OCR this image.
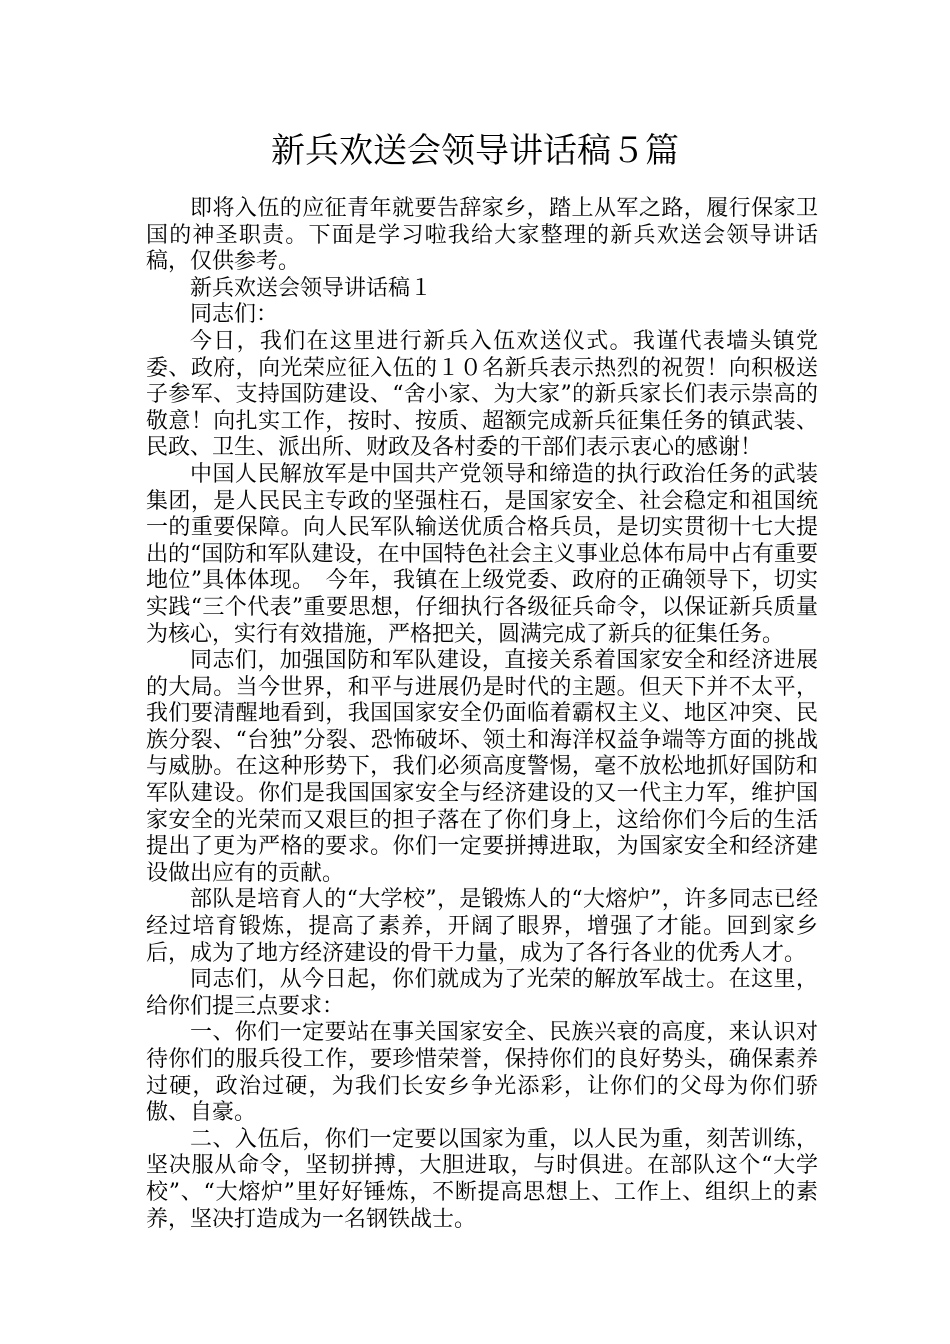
新兵欢送会领导讲话稿５篇

即将入伍的应征青年就要告辞家乡，踏上从军之路，履行保家卫国的神圣职责。下面是学习啦我给大家整理的新兵欢送会领导讲话稿，仅供参考。

新兵欢送会领导讲话稿１

同志们：

今日，我们在这里进行新兵入伍欢送仪式。我谨代表墙头镇党委、政府，向光荣应征入伍的１０名新兵表示热烈的祝贺！向积极送子参军、支持国防建设、“舍小家、为大家”的新兵家长们表示崇高的敬意！向扎实工作，按时、按质、超额完成新兵征集任务的镇武装、民政、卫生、派出所、财政及各村委的干部们表示衷心的感谢！

中国人民解放军是中国共产党领导和缔造的执行政治任务的武装集团，是人民民主专政的坚强柱石，是国家安全、社会稳定和祖国统一的重要保障。向人民军队输送优质合格兵员，是切实贯彻十七大提出的“国防和军队建设，在中国特色社会主义事业总体布局中占有重要地位”具体体现。　今年，我镇在上级党委、政府的正确领导下，切实实践“三个代表”重要思想，仔细执行各级征兵命令，以保证新兵质量为核心，实行有效措施，严格把关，圆满完成了新兵的征集任务。

同志们，加强国防和军队建设，直接关系着国家安全和经济进展的大局。当今世界，和平与进展仍是时代的主题。但天下并不太平，我们要清醒地看到，我国国家安全仍面临着霸权主义、地区冲突、民族分裂、“台独”分裂、恐怖破坏、领土和海洋权益争端等方面的挑战与威胁。在这种形势下，我们必须高度警惕，毫不放松地抓好国防和军队建设。你们是我国国家安全与经济建设的又一代主力军，维护国家安全的光荣而又艰巨的担子落在了你们身上，这给你们今后的生活提出了更为严格的要求。你们一定要拼搏进取，为国家安全和经济建设做出应有的贡献。

部队是培育人的“大学校”，是锻炼人的“大熔炉”，许多同志已经经过培育锻炼，提高了素养，开阔了眼界，增强了才能。回到家乡后，成为了地方经济建设的骨干力量，成为了各行各业的优秀人才。

同志们，从今日起，你们就成为了光荣的解放军战士。在这里，给你们提三点要求：

一、你们一定要站在事关国家安全、民族兴衰的高度，来认识对待你们的服兵役工作，要珍惜荣誉，保持你们的良好势头，确保素养过硬，政治过硬，为我们长安乡争光添彩，让你们的父母为你们骄傲、自豪。

二、入伍后，你们一定要以国家为重，以人民为重，刻苦训练，坚决服从命令，坚韧拼搏，大胆进取，与时俱进。在部队这个“大学校”、“大熔炉”里好好锤炼，不断提高思想上、工作上、组织上的素养，坚决打造成为一名钢铁战士。
